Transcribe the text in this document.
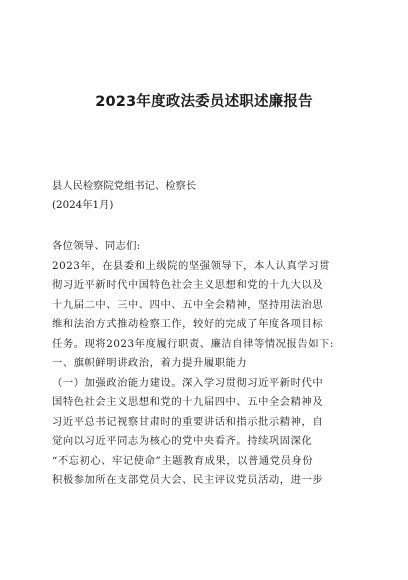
2023年度政法委员述职述廉报告

县人民检察院党组书记、检察长

(2024年1月)

各位领导、同志们:

2023年，在县委和上级院的坚强领导下，本人认真学习贯

彻习近平新时代中国特色社会主义思想和党的十九大以及

十九届二中、三中、四中、五中全会精神，坚持用法治思

维和法治方式推动检察工作，较好的完成了年度各项目标

任务。现将2023年度履行职责、廉洁自律等情况报告如下:

一、旗帜鲜明讲政治，着力提升履职能力

（一）加强政治能力建设。深入学习贯彻习近平新时代中

国特色社会主义思想和党的十九届四中、五中全会精神及

习近平总书记视察甘肃时的重要讲话和指示批示精神，自

觉向以习近平同志为核心的党中央看齐。持续巩固深化

“不忘初心、牢记使命”主题教育成果，以普通党员身份

积极参加所在支部党员大会、民主评议党员活动，进一步
